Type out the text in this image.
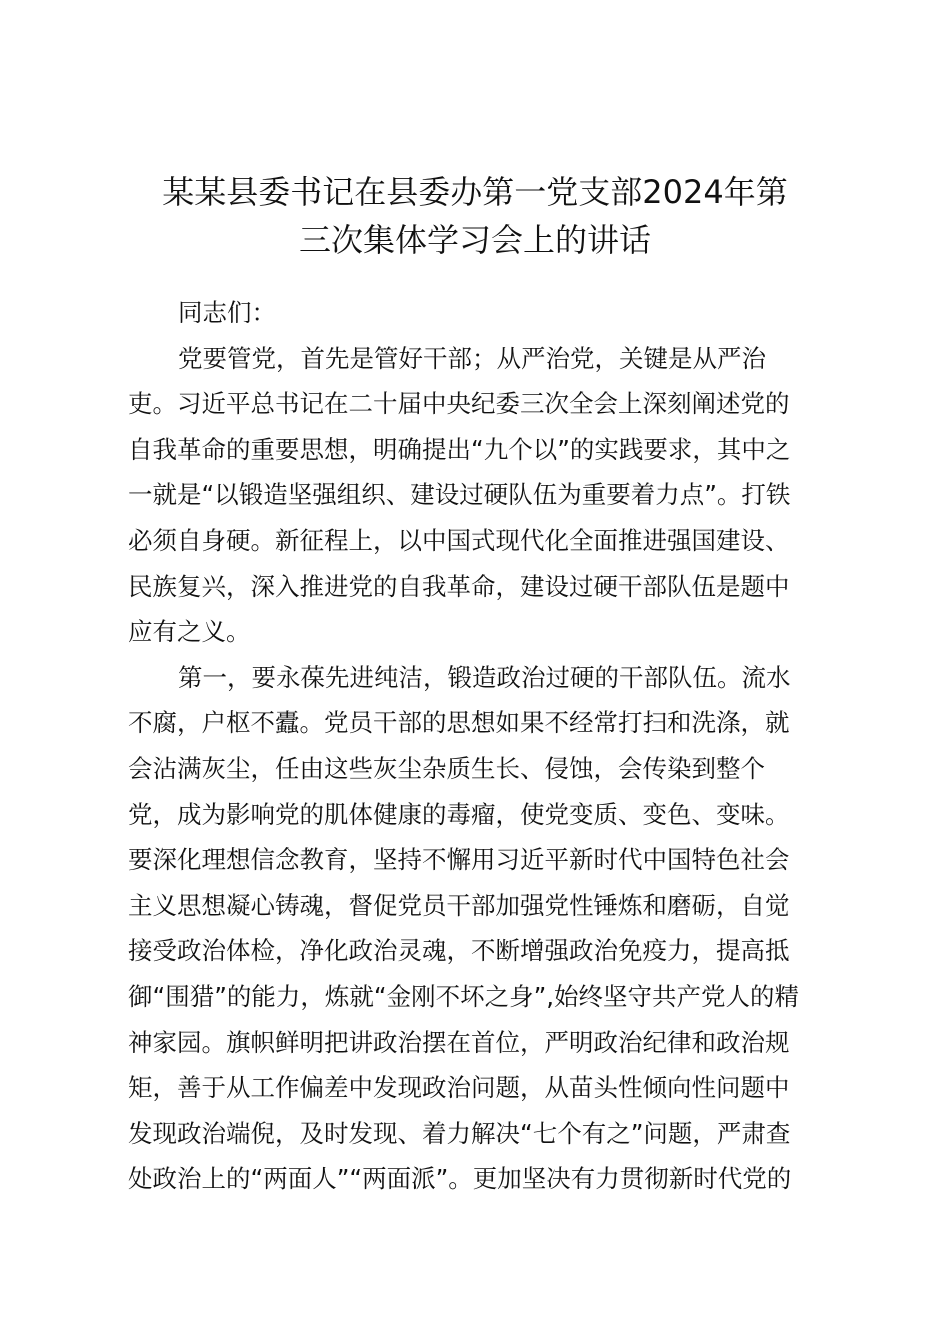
某某县委书记在县委办第一党支部2024年第
三次集体学习会上的讲话

同志们：

党要管党，首先是管好干部；从严治党，关键是从严治
吏。习近平总书记在二十届中央纪委三次全会上深刻阐述党的
自我革命的重要思想，明确提出“九个以”的实践要求，其中之
一就是“以锻造坚强组织、建设过硬队伍为重要着力点”。打铁
必须自身硬。新征程上，以中国式现代化全面推进强国建设、
民族复兴，深入推进党的自我革命，建设过硬干部队伍是题中
应有之义。

第一，要永葆先进纯洁，锻造政治过硬的干部队伍。流水
不腐，户枢不蠹。党员干部的思想如果不经常打扫和洗涤，就
会沾满灰尘，任由这些灰尘杂质生长、侵蚀，会传染到整个
党，成为影响党的肌体健康的毒瘤，使党变质、变色、变味。
要深化理想信念教育，坚持不懈用习近平新时代中国特色社会
主义思想凝心铸魂，督促党员干部加强党性锤炼和磨砺，自觉
接受政治体检，净化政治灵魂，不断增强政治免疫力，提高抵
御“围猎”的能力，炼就“金刚不坏之身”,始终坚守共产党人的精
神家园。旗帜鲜明把讲政治摆在首位，严明政治纪律和政治规
矩，善于从工作偏差中发现政治问题，从苗头性倾向性问题中
发现政治端倪，及时发现、着力解决“七个有之”问题，严肃查
处政治上的“两面人”“两面派”。更加坚决有力贯彻新时代党的
